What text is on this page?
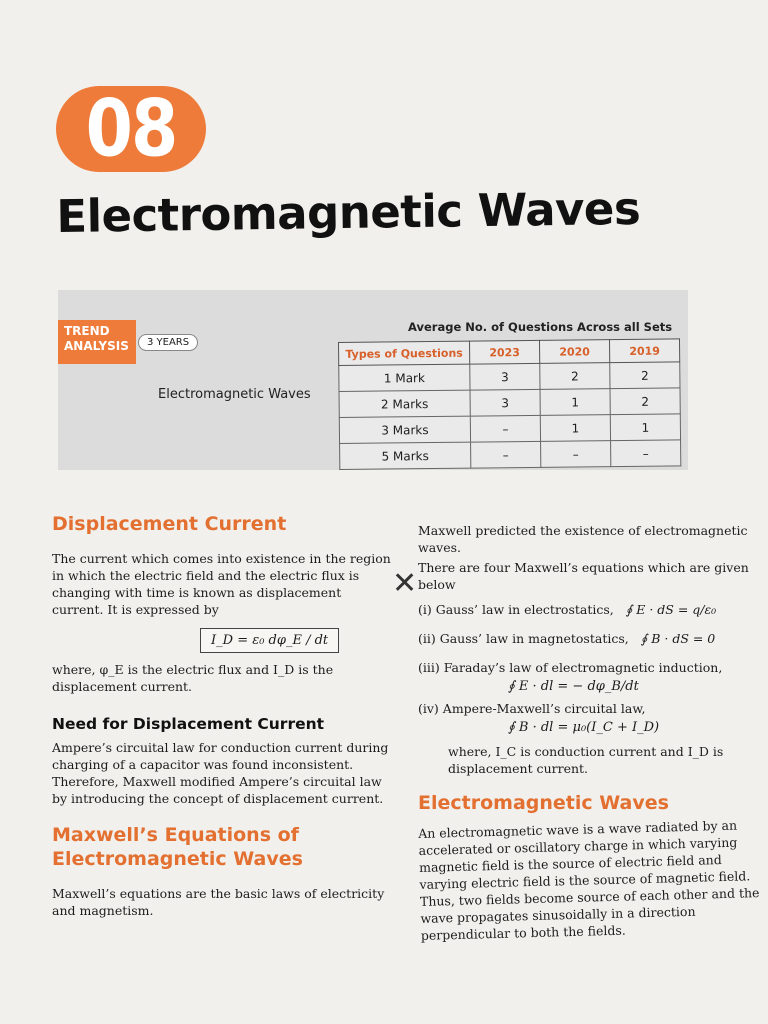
08
Electromagnetic Waves
TREND
ANALYSIS	3 YEARS
Electromagnetic Waves
Average No. of Questions Across all Sets
Types of Questions	2023	2020	2019
1 Mark	3	2	2
2 Marks	3	1	2
3 Marks	–	1	1
5 Marks	–	–	–
Displacement Current

The current which comes into existence in the region in which the electric field and the electric flux is changing with time is known as displacement current. It is expressed by

I_D = ε₀ dφ_E / dt

where, φ_E is the electric flux and I_D is the displacement current.

Need for Displacement Current

Ampere’s circuital law for conduction current during charging of a capacitor was found inconsistent. Therefore, Maxwell modified Ampere’s circuital law by introducing the concept of displacement current.

Maxwell’s Equations of Electromagnetic Waves

Maxwell’s equations are the basic laws of electricity and magnetism.

✕

Maxwell predicted the existence of electromagnetic waves.

There are four Maxwell’s equations which are given below

(i) Gauss’ law in electrostatics, ∮ E · dS = q/ε₀

(ii) Gauss’ law in magnetostatics, ∮ B · dS = 0

(iii) Faraday’s law of electromagnetic induction,

∮ E · dl = − dφ_B/dt

(iv) Ampere-Maxwell’s circuital law,

∮ B · dl = μ₀(I_C + I_D)

where, I_C is conduction current and I_D is displacement current.

Electromagnetic Waves

An electromagnetic wave is a wave radiated by an accelerated or oscillatory charge in which varying magnetic field is the source of electric field and varying electric field is the source of magnetic field. Thus, two fields become source of each other and the wave propagates sinusoidally in a direction perpendicular to both the fields.
